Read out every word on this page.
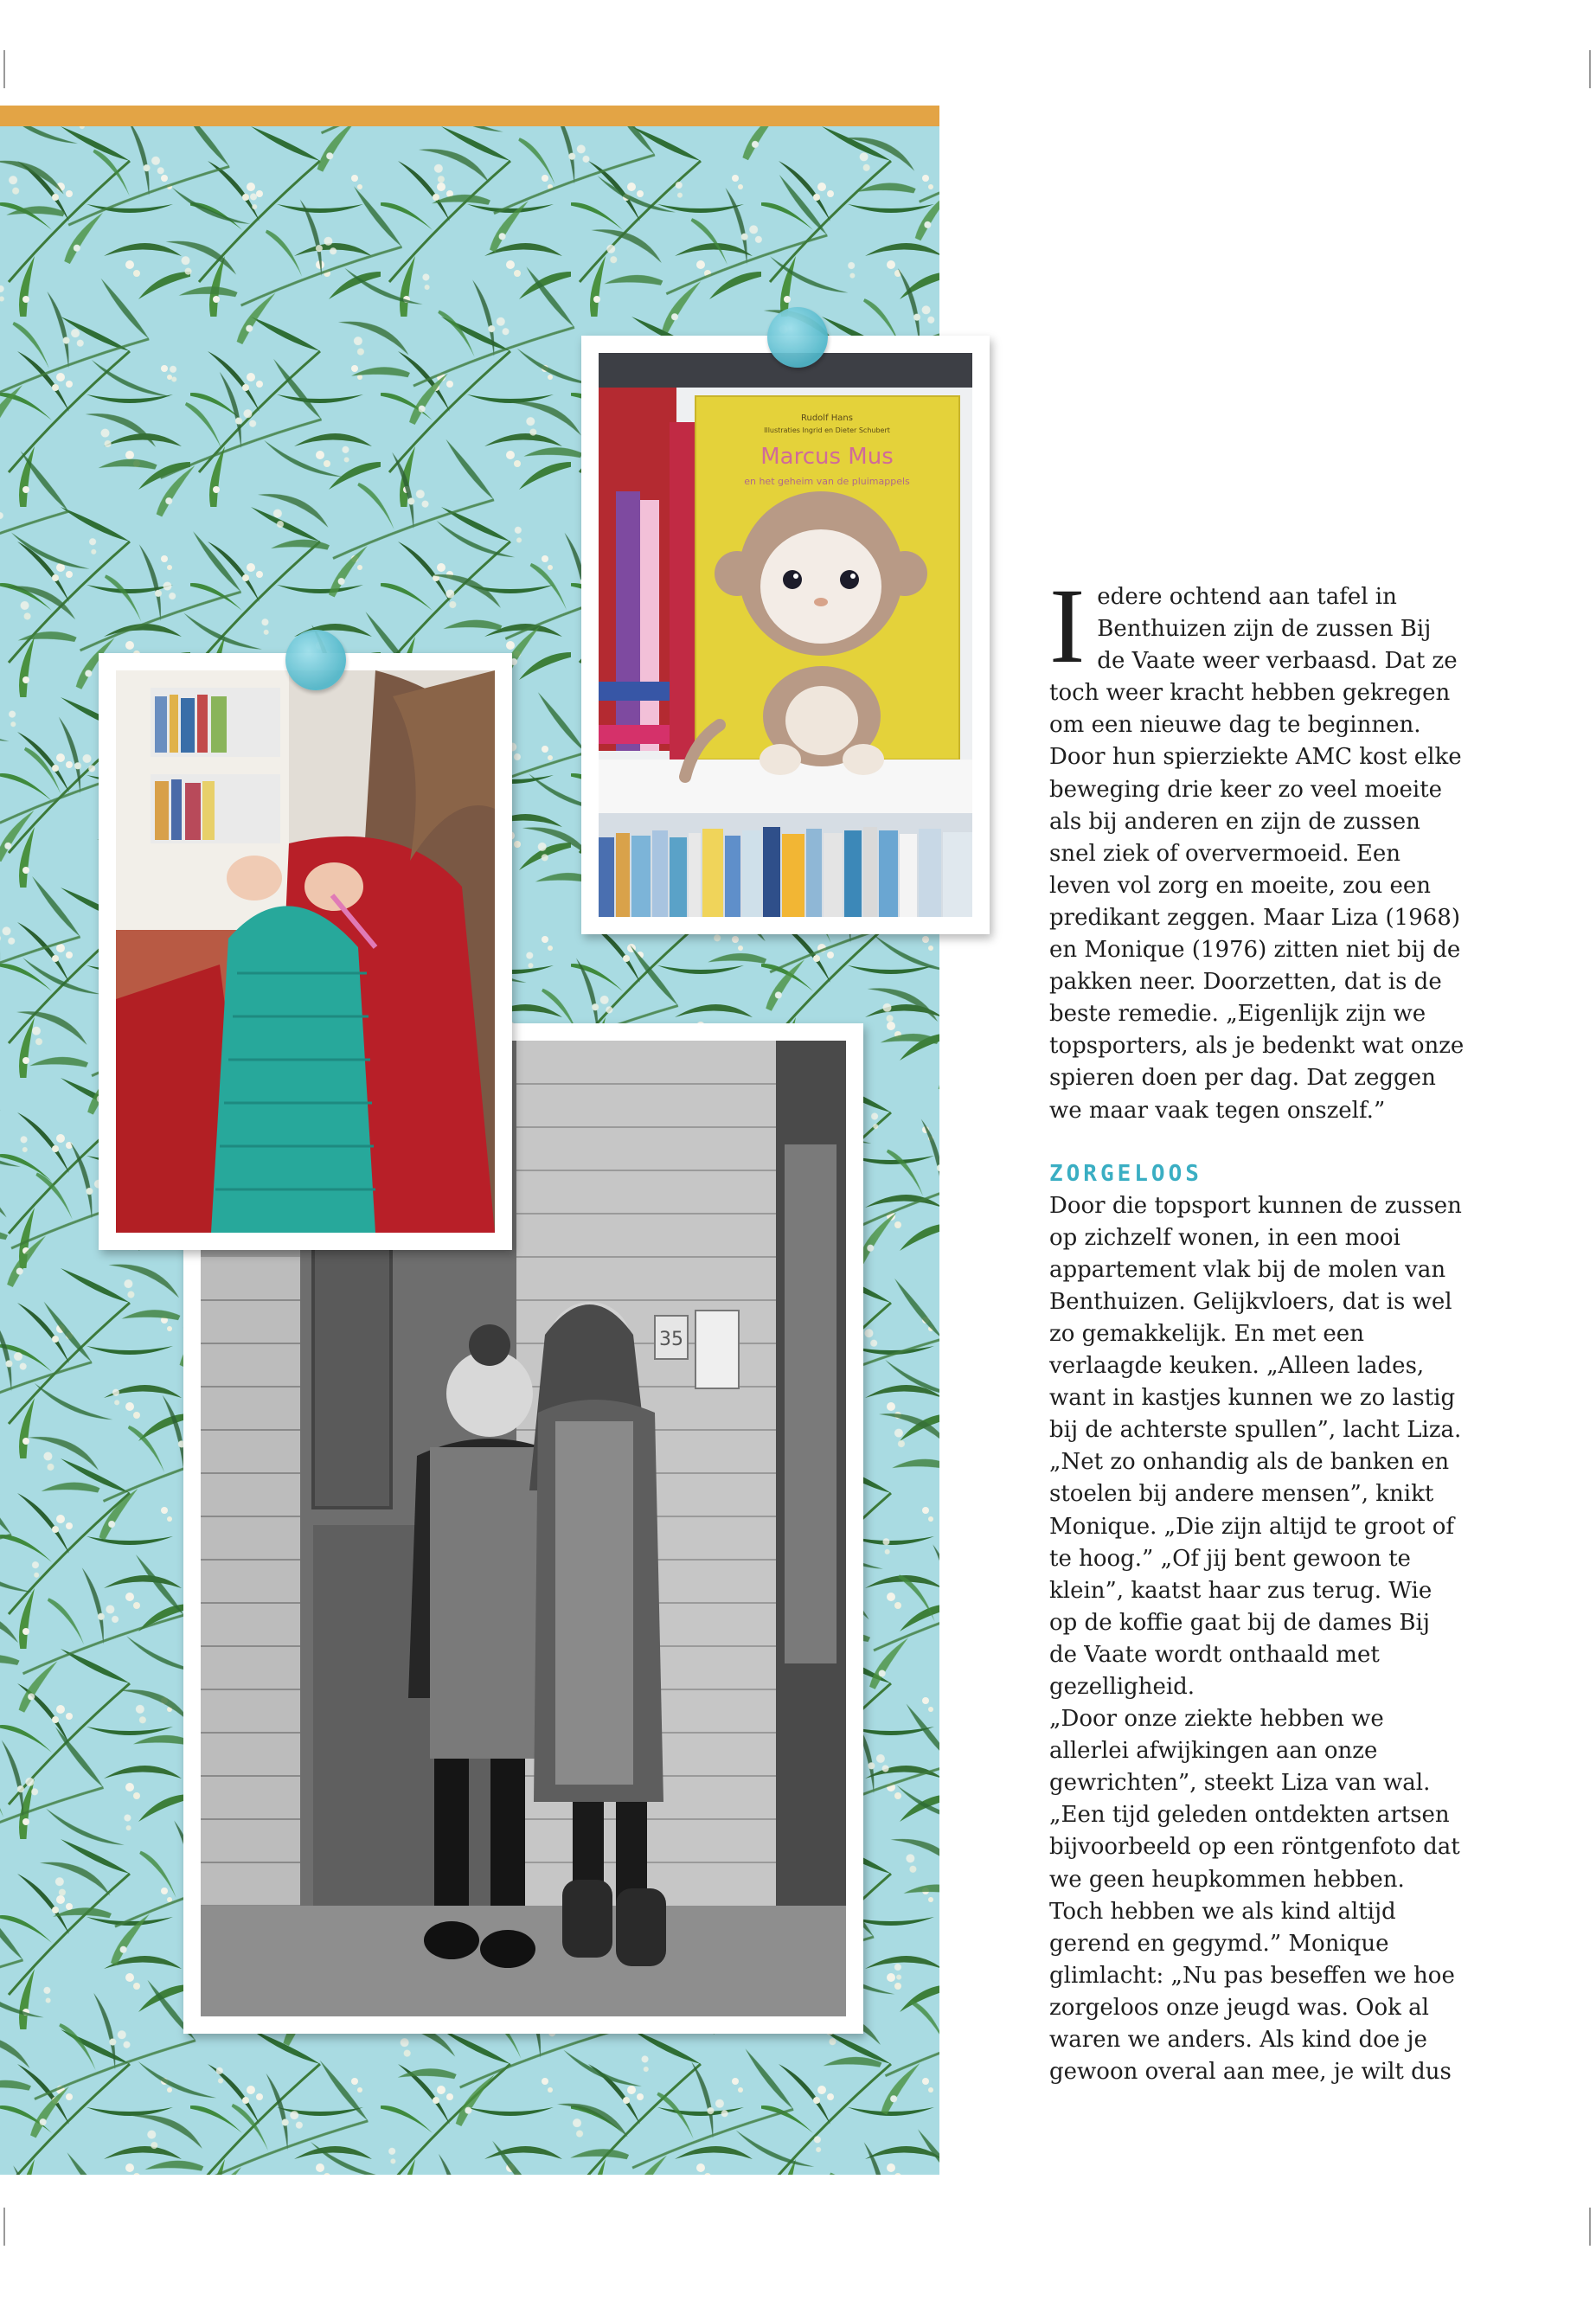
Rudolf Hans
Illustraties Ingrid en Dieter Schubert
Marcus Mus
en het geheim van de pluimappels
35

Iedere ochtend aan tafel in Benthuizen zijn de zussen Bij de Vaate weer verbaasd. Dat ze toch weer kracht hebben gekregen om een nieuwe dag te beginnen. Door hun spierziekte AMC kost elke beweging drie keer zo veel moeite als bij anderen en zijn de zussen snel ziek of oververmoeid. Een leven vol zorg en moeite, zou een predikant zeggen. Maar Liza (1968) en Monique (1976) zitten niet bij de pakken neer. Doorzetten, dat is de beste remedie. „Eigenlijk zijn we topsporters, als je bedenkt wat onze spieren doen per dag. Dat zeggen we maar vaak tegen onszelf.”

ZORGELOOS

Door die topsport kunnen de zussen op zichzelf wonen, in een mooi appartement vlak bij de molen van Benthuizen. Gelijkvloers, dat is wel zo gemakkelijk. En met een verlaagde keuken. „Alleen lades, want in kastjes kunnen we zo lastig bij de achterste spullen”, lacht Liza. „Net zo onhandig als de banken en stoelen bij andere mensen”, knikt Monique. „Die zijn altijd te groot of te hoog.” „Of jij bent gewoon te klein”, kaatst haar zus terug. Wie op de koffie gaat bij de dames Bij de Vaate wordt onthaald met gezelligheid.

„Door onze ziekte hebben we allerlei afwijkingen aan onze gewrichten”, steekt Liza van wal. „Een tijd geleden ontdekten artsen bijvoorbeeld op een röntgenfoto dat we geen heupkommen hebben. Toch hebben we als kind altijd gerend en gegymd.” Monique glimlacht: „Nu pas beseffen we hoe zorgeloos onze jeugd was. Ook al waren we anders. Als kind doe je gewoon overal aan mee, je wilt dus
